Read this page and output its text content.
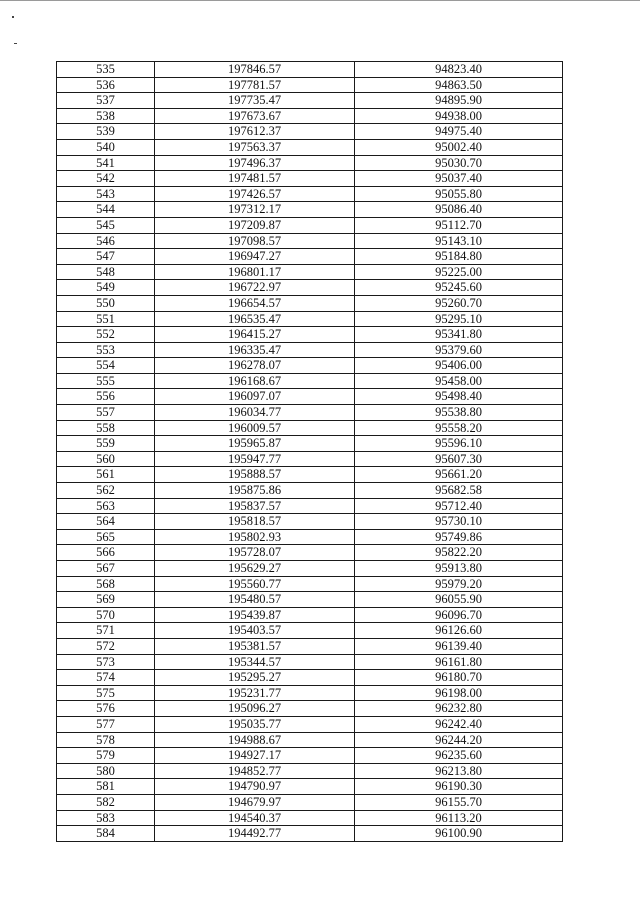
535	197846.57	94823.40
536	197781.57	94863.50
537	197735.47	94895.90
538	197673.67	94938.00
539	197612.37	94975.40
540	197563.37	95002.40
541	197496.37	95030.70
542	197481.57	95037.40
543	197426.57	95055.80
544	197312.17	95086.40
545	197209.87	95112.70
546	197098.57	95143.10
547	196947.27	95184.80
548	196801.17	95225.00
549	196722.97	95245.60
550	196654.57	95260.70
551	196535.47	95295.10
552	196415.27	95341.80
553	196335.47	95379.60
554	196278.07	95406.00
555	196168.67	95458.00
556	196097.07	95498.40
557	196034.77	95538.80
558	196009.57	95558.20
559	195965.87	95596.10
560	195947.77	95607.30
561	195888.57	95661.20
562	195875.86	95682.58
563	195837.57	95712.40
564	195818.57	95730.10
565	195802.93	95749.86
566	195728.07	95822.20
567	195629.27	95913.80
568	195560.77	95979.20
569	195480.57	96055.90
570	195439.87	96096.70
571	195403.57	96126.60
572	195381.57	96139.40
573	195344.57	96161.80
574	195295.27	96180.70
575	195231.77	96198.00
576	195096.27	96232.80
577	195035.77	96242.40
578	194988.67	96244.20
579	194927.17	96235.60
580	194852.77	96213.80
581	194790.97	96190.30
582	194679.97	96155.70
583	194540.37	96113.20
584	194492.77	96100.90
